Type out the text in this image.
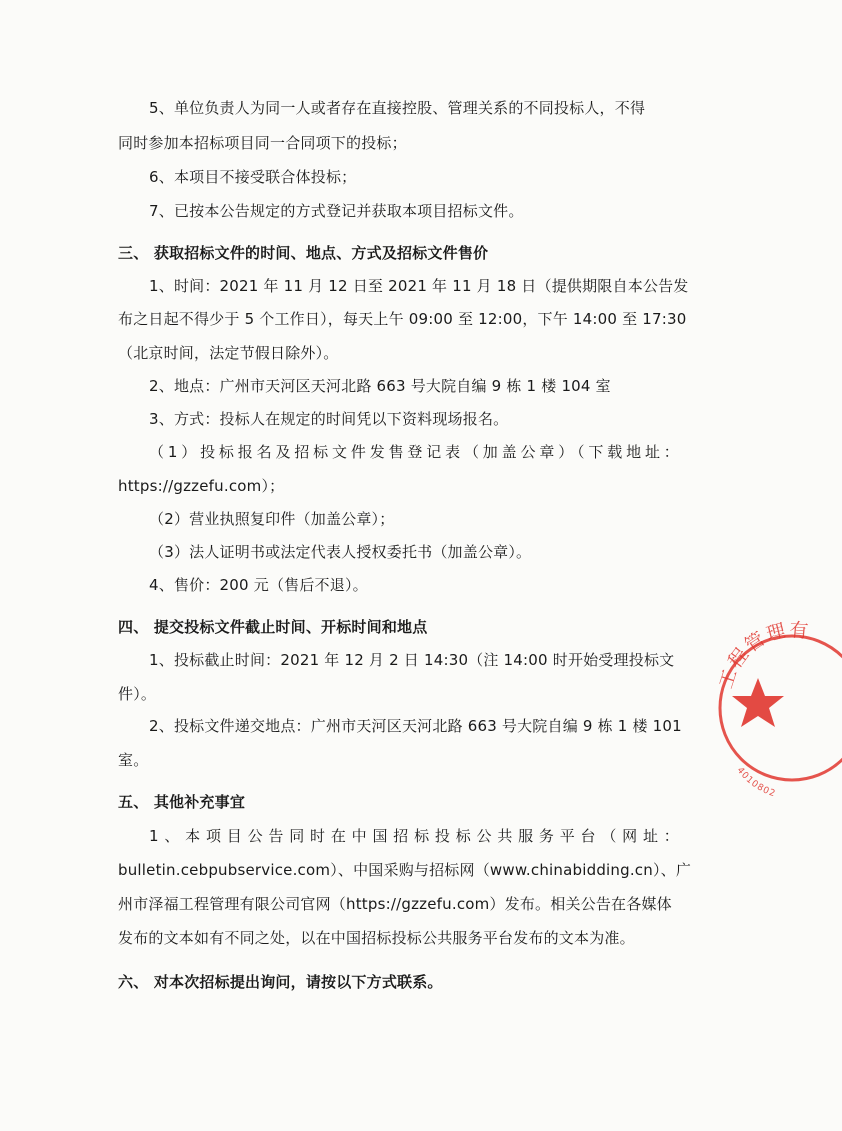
5、单位负责人为同一人或者存在直接控股、管理关系的不同投标人，不得
同时参加本招标项目同一合同项下的投标；
6、本项目不接受联合体投标；
7、已按本公告规定的方式登记并获取本项目招标文件。
三、 获取招标文件的时间、地点、方式及招标文件售价
1、时间：2021 年 11 月 12 日至 2021 年 11 月 18 日（提供期限自本公告发
布之日起不得少于 5 个工作日），每天上午 09:00 至 12:00，下午 14:00 至 17:30
（北京时间，法定节假日除外）。
2、地点：广州市天河区天河北路 663 号大院自编 9 栋 1 楼 104 室
3、方式：投标人在规定的时间凭以下资料现场报名。
（1）投标报名及招标文件发售登记表（加盖公章）（下载地址：
https://gzzefu.com）；
（2）营业执照复印件（加盖公章）；
（3）法人证明书或法定代表人授权委托书（加盖公章）。
4、售价：200 元（售后不退）。
四、 提交投标文件截止时间、开标时间和地点
1、投标截止时间：2021 年 12 月 2 日 14:30（注 14:00 时开始受理投标文
件）。
2、投标文件递交地点：广州市天河区天河北路 663 号大院自编 9 栋 1 楼 101
室。
五、 其他补充事宜
1、本项目公告同时在中国招标投标公共服务平台（网址：
bulletin.cebpubservice.com）、中国采购与招标网（www.chinabidding.cn）、广
州市泽福工程管理有限公司官网（https://gzzefu.com）发布。相关公告在各媒体
发布的文本如有不同之处，以在中国招标投标公共服务平台发布的文本为准。
六、 对本次招标提出询问，请按以下方式联系。
工程管理有
4010802
